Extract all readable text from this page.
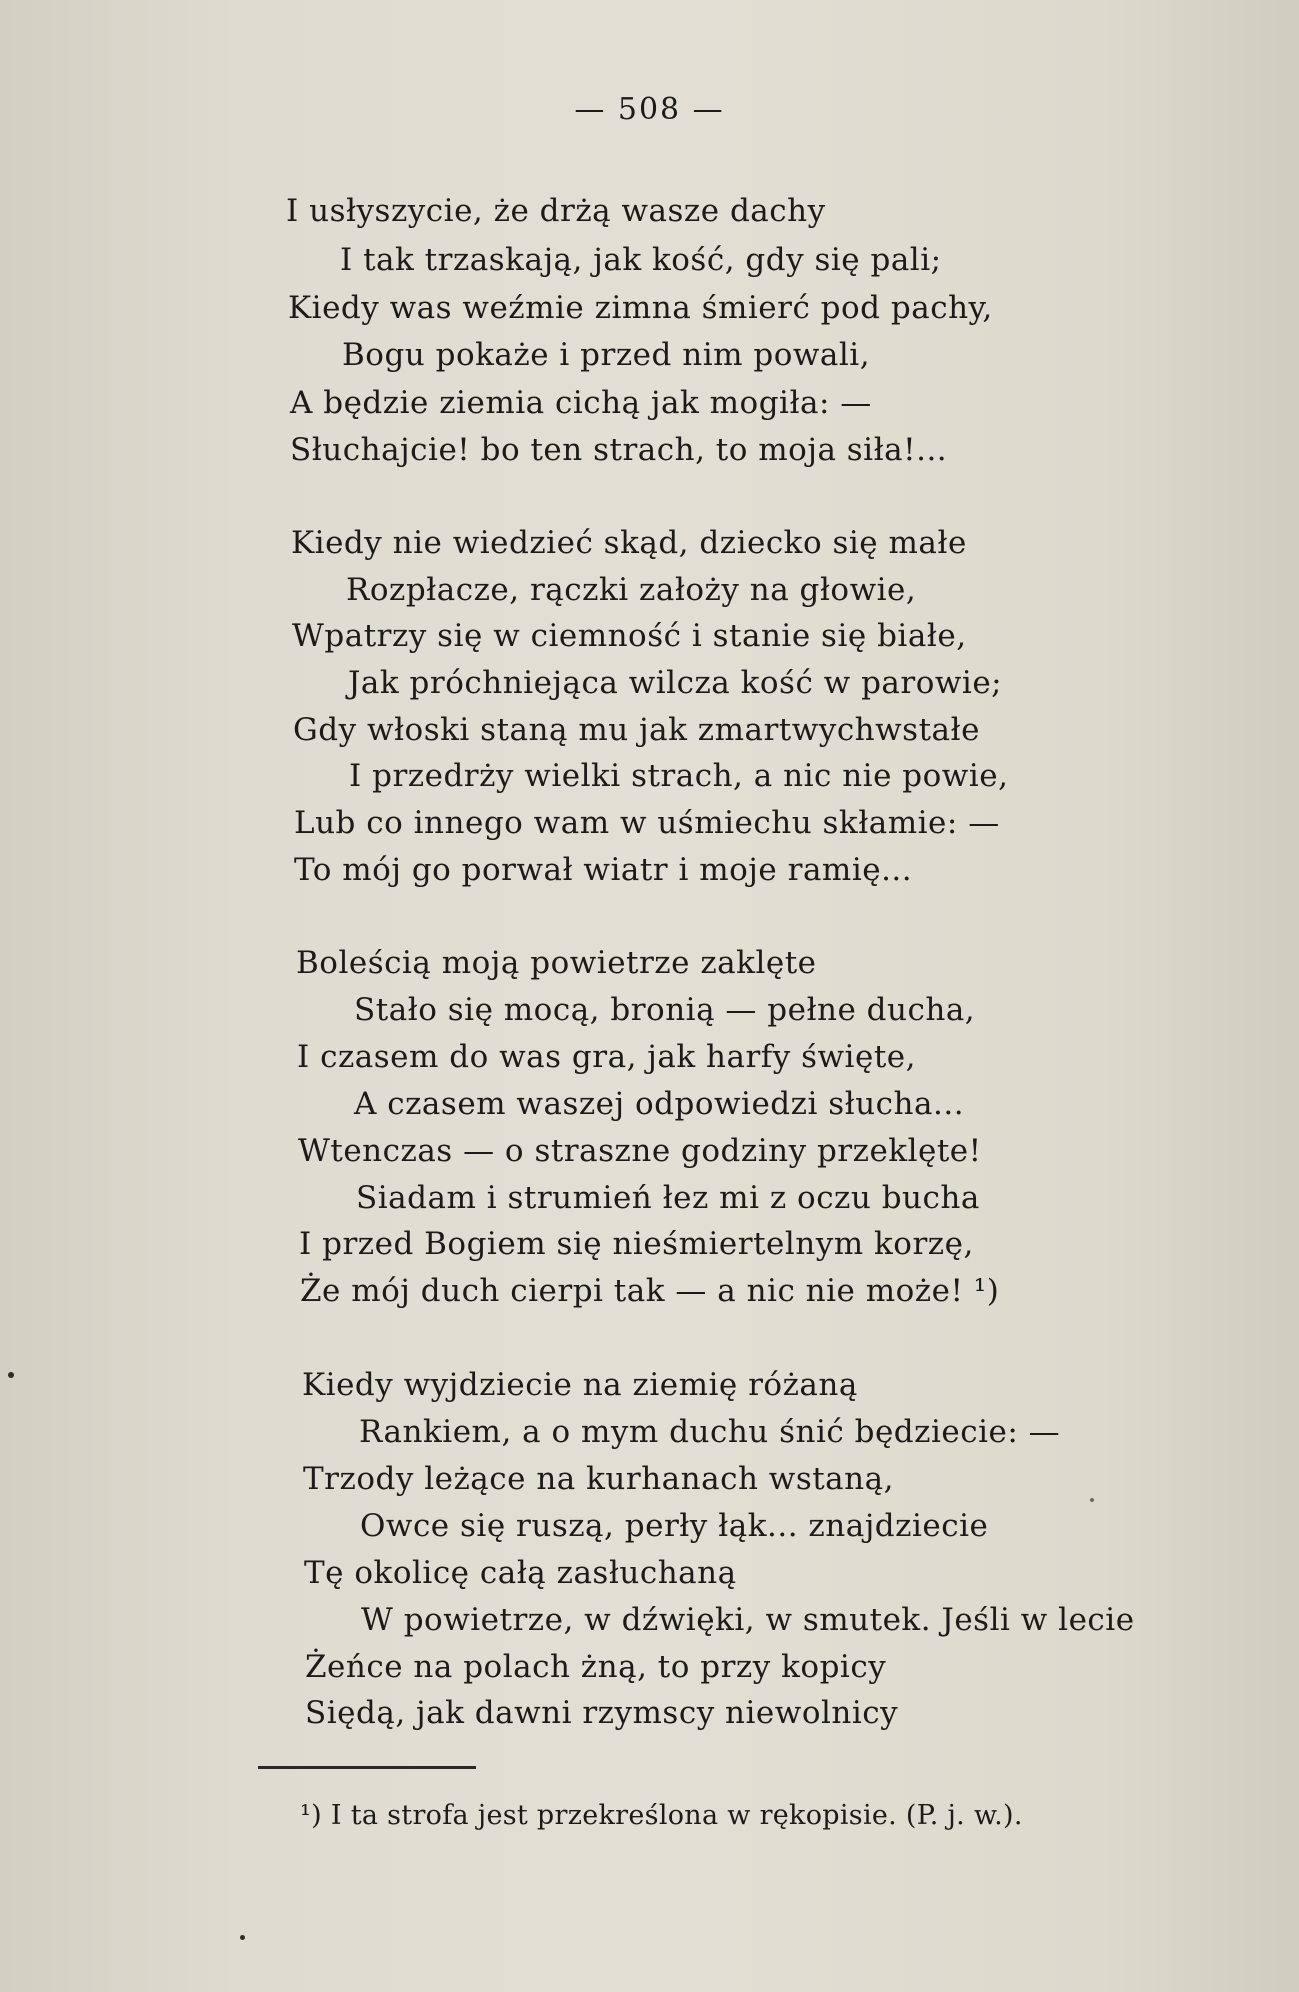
— 508 —
I usłyszycie, że drżą wasze dachy
I tak trzaskają, jak kość, gdy się pali;
Kiedy was weźmie zimna śmierć pod pachy,
Bogu pokaże i przed nim powali,
A będzie ziemia cichą jak mogiła: —
Słuchajcie! bo ten strach, to moja siła!...
Kiedy nie wiedzieć skąd, dziecko się małe
Rozpłacze, rączki założy na głowie,
Wpatrzy się w ciemność i stanie się białe,
Jak próchniejąca wilcza kość w parowie;
Gdy włoski staną mu jak zmartwychwstałe
I przedrży wielki strach, a nic nie powie,
Lub co innego wam w uśmiechu skłamie: —
To mój go porwał wiatr i moje ramię...
Boleścią moją powietrze zaklęte
Stało się mocą, bronią — pełne ducha,
I czasem do was gra, jak harfy święte,
A czasem waszej odpowiedzi słucha...
Wtenczas — o straszne godziny przeklęte!
Siadam i strumień łez mi z oczu bucha
I przed Bogiem się nieśmiertelnym korzę,
Że mój duch cierpi tak — a nic nie może! ¹)
Kiedy wyjdziecie na ziemię różaną
Rankiem, a o mym duchu śnić będziecie: —
Trzody leżące na kurhanach wstaną,
Owce się ruszą, perły łąk... znajdziecie
Tę okolicę całą zasłuchaną
W powietrze, w dźwięki, w smutek. Jeśli w lecie
Żeńce na polach żną, to przy kopicy
Siędą, jak dawni rzymscy niewolnicy
¹) I ta strofa jest przekreślona w rękopisie. (P. j. w.).
